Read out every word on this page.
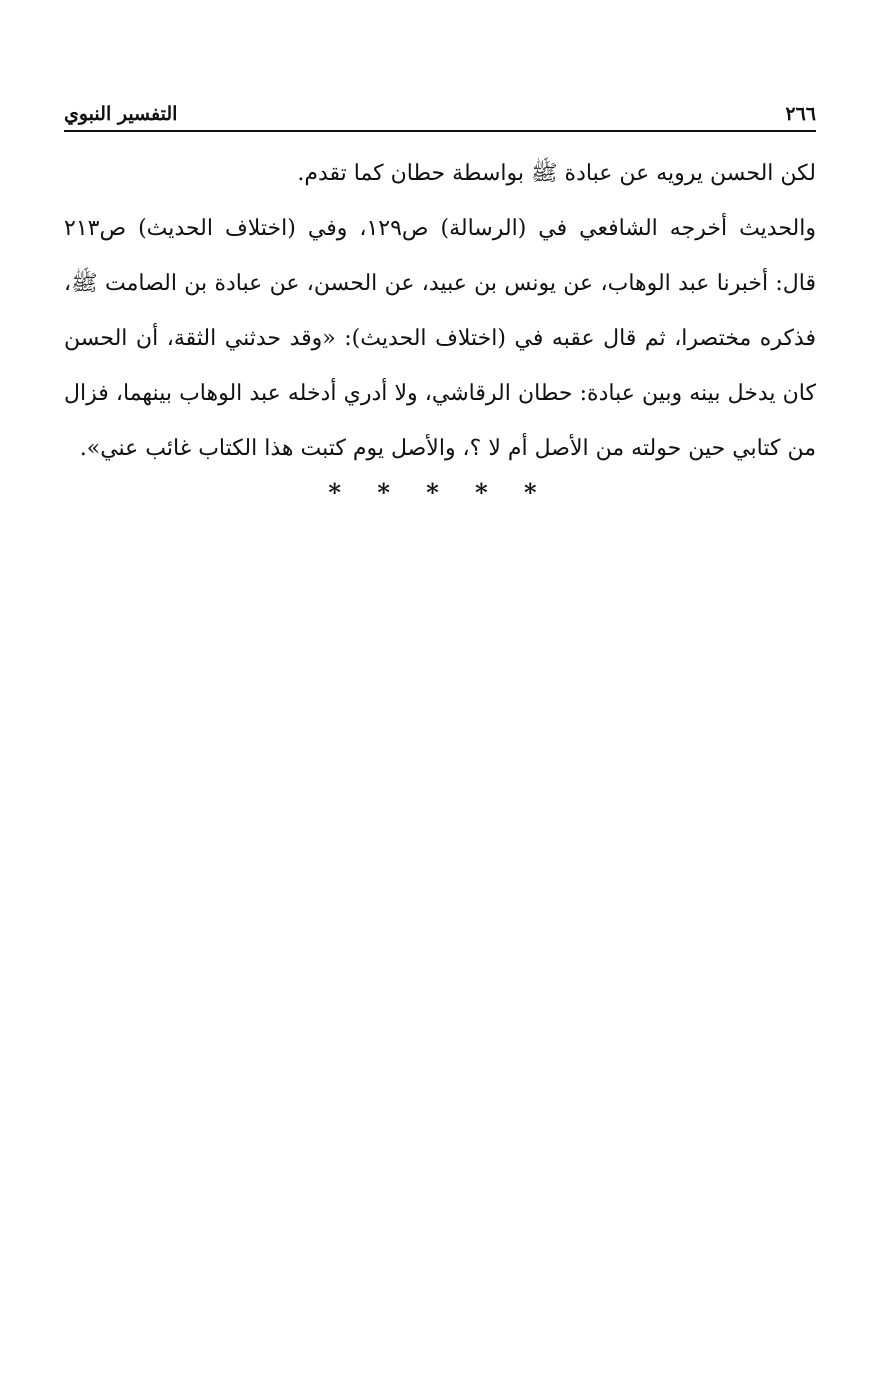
٢٦٦
التفسير النبوي

لكن الحسن يرويه عن عبادة ﷺ بواسطة حطان كما تقدم.

والحديث أخرجه الشافعي في (الرسالة) ص١٢٩، وفي (اختلاف الحديث) ص٢١٣ قال: أخبرنا عبد الوهاب، عن يونس بن عبيد، عن الحسن، عن عبادة بن الصامت ﷺ، فذكره مختصرا، ثم قال عقبه في (اختلاف الحديث): «وقد حدثني الثقة، أن الحسن كان يدخل بينه وبين عبادة: حطان الرقاشي، ولا أدري أدخله عبد الوهاب بينهما، فزال من كتابي حين حولته من الأصل أم لا ؟، والأصل يوم كتبت هذا الكتاب غائب عني».

* * * * *
